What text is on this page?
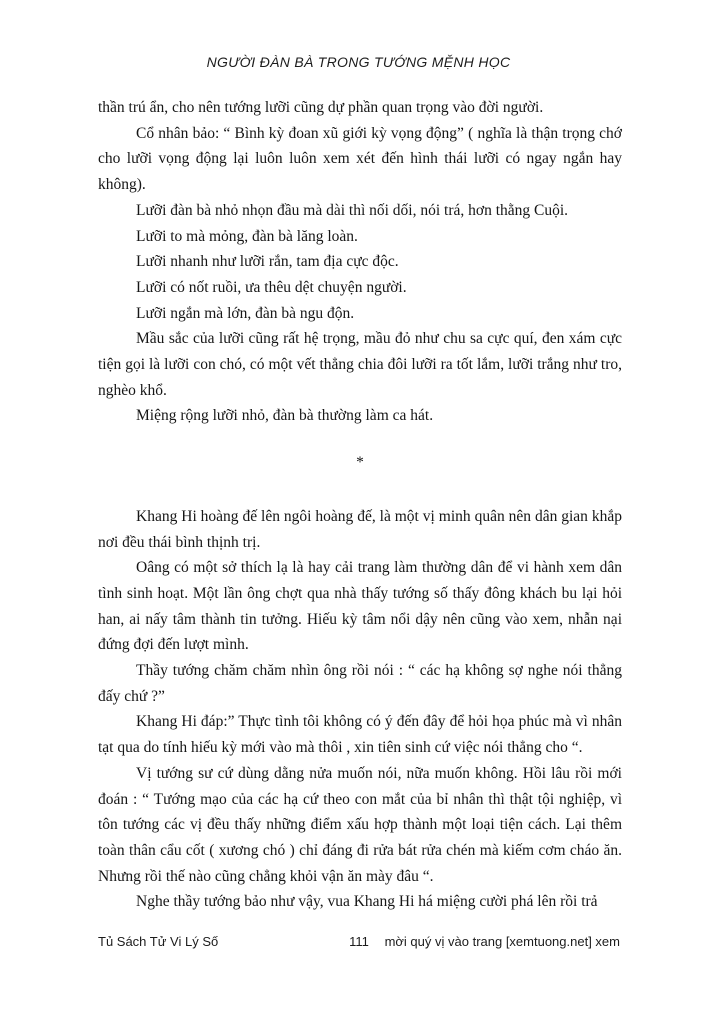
NGƯỜI ĐÀN BÀ TRONG TƯỚNG MỆNH HỌC

thần trú ẩn, cho nên tướng lưỡi cũng dự phần quan trọng vào đời người.

Cổ nhân bảo: “ Bình kỳ đoan xũ giới kỳ vọng động” ( nghĩa là thận trọng chớ cho lưỡi vọng động lại luôn luôn xem xét đến hình thái lưỡi có ngay ngắn hay không).

Lưỡi đàn bà nhỏ nhọn đầu mà dài thì nối dối, nói trá, hơn thằng Cuội.

Lưỡi to mà mỏng, đàn bà lăng loàn.

Lưỡi nhanh như lưỡi rắn, tam địa cực độc.

Lưỡi có nốt ruồi, ưa thêu dệt chuyện người.

Lưỡi ngắn mà lớn, đàn bà ngu độn.

Mầu sắc của lưỡi cũng rất hệ trọng, mầu đỏ như chu sa cực quí, đen xám cực tiện gọi là lưỡi con chó, có một vết thẳng chia đôi lưỡi ra tốt lắm, lưỡi trắng như tro, nghèo khổ.

Miệng rộng lưỡi nhỏ, đàn bà thường làm ca hát.

*

Khang Hi hoàng đế lên ngôi hoàng đế, là một vị minh quân nên dân gian khắp nơi đều thái bình thịnh trị.

Oâng có một sở thích lạ là hay cải trang làm thường dân để vi hành xem dân tình sinh hoạt. Một lần ông chợt qua nhà thấy tướng số thấy đông khách bu lại hỏi han, ai nấy tâm thành tin tưởng. Hiếu kỳ tâm nổi dậy nên cũng vào xem, nhẫn nại đứng đợi đến lượt mình.

Thầy tướng chăm chăm nhìn ông rồi nói : “ các hạ không sợ nghe nói thẳng đấy chứ ?”

Khang Hi đáp:” Thực tình tôi không có ý đến đây để hỏi họa phúc mà vì nhân tạt qua do tính hiếu kỳ mới vào mà thôi , xin tiên sinh cứ việc nói thẳng cho “.

Vị tướng sư cứ dùng dằng nửa muốn nói, nữa muốn không. Hồi lâu rồi mới đoán : “ Tướng mạo của các hạ cứ theo con mắt của bỉ nhân thì thật tội nghiệp, vì tôn tướng các vị đều thấy những điểm xấu hợp thành một loại tiện cách. Lại thêm toàn thân cẩu cốt ( xương chó ) chỉ đáng đi rửa bát rửa chén mà kiếm cơm cháo ăn. Nhưng rồi thế nào cũng chẳng khỏi vận ăn mày đâu “.

Nghe thầy tướng bảo như vậy, vua Khang Hi há miệng cười phá lên rồi trả

111
Tủ Sách Tử Vi Lý Số	mời quý vị vào trang [xemtuong.net] xem
